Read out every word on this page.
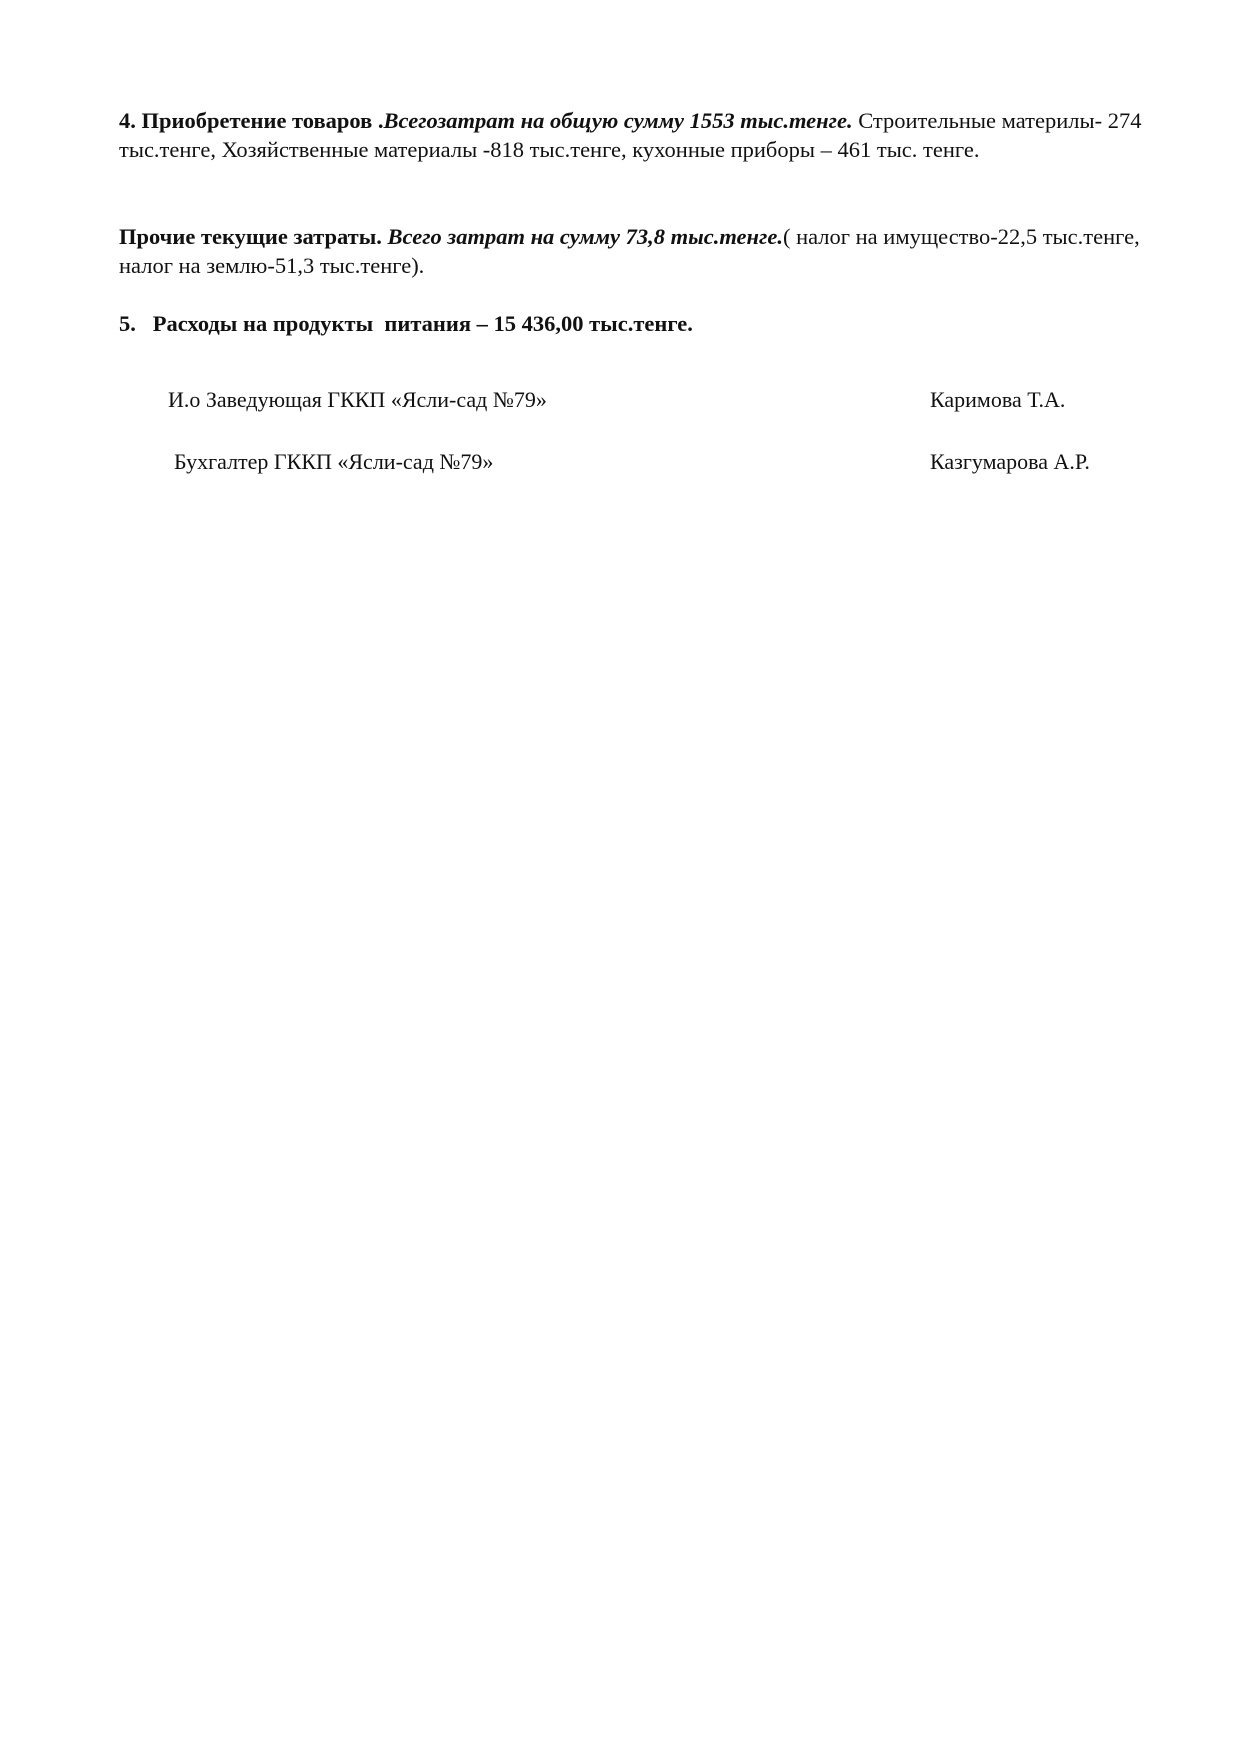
4. Приобретение товаров .Всегозатрат на общую сумму 1553 тыс.тенге. Строительные материлы- 274 тыс.тенге, Хозяйственные материалы -818 тыс.тенге, кухонные приборы – 461 тыс. тенге.
Прочие текущие затраты. Всего затрат на сумму 73,8 тыс.тенге.( налог на имущество-22,5 тыс.тенге, налог на землю-51,3 тыс.тенге).
5.   Расходы на продукты  питания – 15 436,00 тыс.тенге.
И.о Заведующая ГККП «Ясли-сад №79»	Каримова Т.А.
Бухгалтер ГККП «Ясли-сад №79»	Казгумарова А.Р.
